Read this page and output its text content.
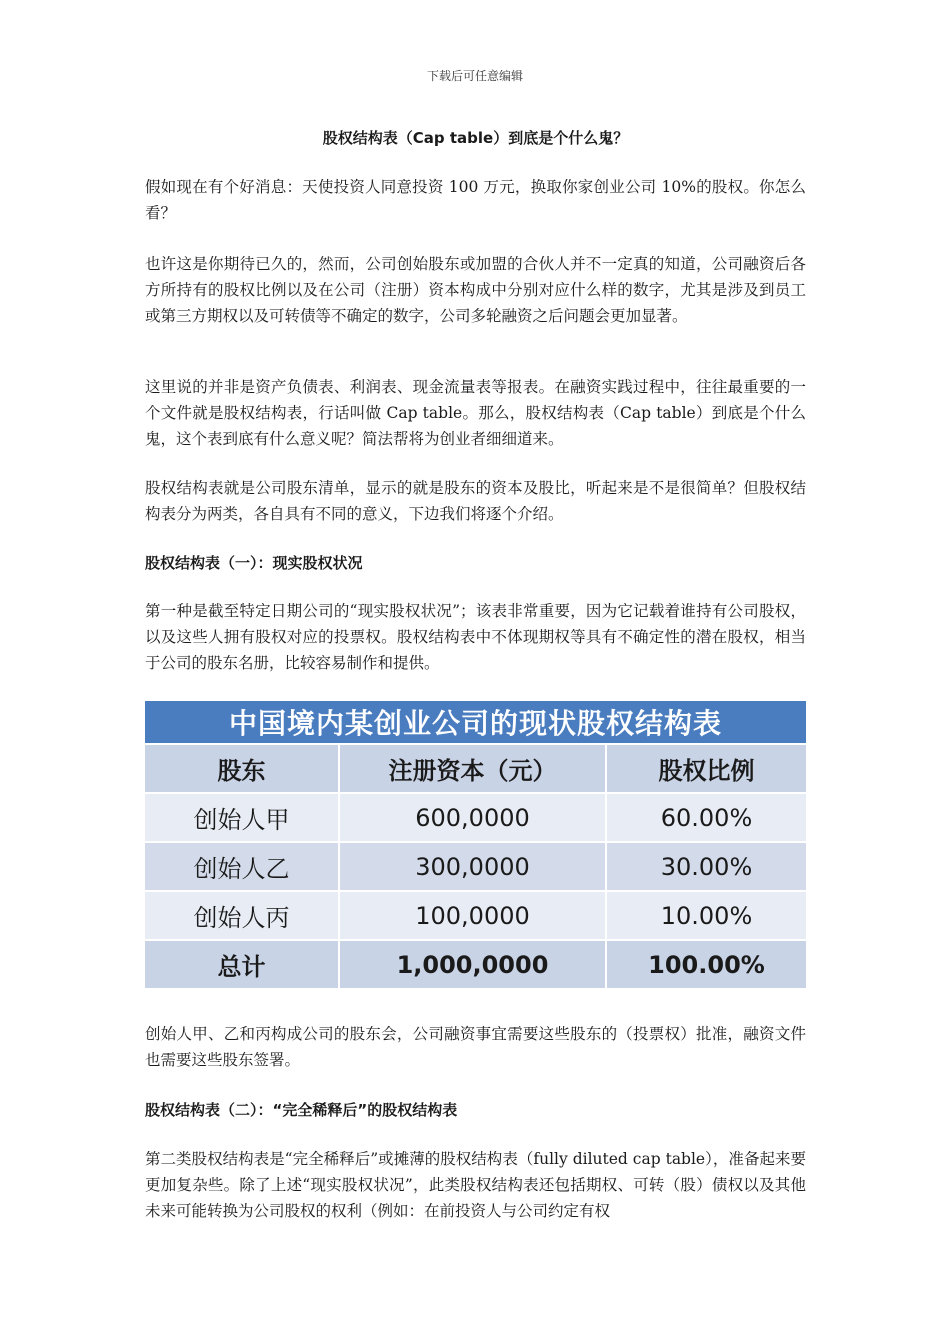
下载后可任意编辑
股权结构表（Cap table）到底是个什么鬼？

假如现在有个好消息：天使投资人同意投资 100 万元，换取你家创业公司 10%的股权。你怎么看？

也许这是你期待已久的，然而，公司创始股东或加盟的合伙人并不一定真的知道，公司融资后各方所持有的股权比例以及在公司（注册）资本构成中分别对应什么样的数字，尤其是涉及到员工或第三方期权以及可转债等不确定的数字，公司多轮融资之后问题会更加显著。

这里说的并非是资产负债表、利润表、现金流量表等报表。在融资实践过程中，往往最重要的一个文件就是股权结构表，行话叫做 Cap table。那么，股权结构表（Cap table）到底是个什么鬼，这个表到底有什么意义呢？简法帮将为创业者细细道来。

股权结构表就是公司股东清单，显示的就是股东的资本及股比，听起来是不是很简单？但股权结构表分为两类，各自具有不同的意义，下边我们将逐个介绍。

股权结构表（一）：现实股权状况

第一种是截至特定日期公司的“现实股权状况”；该表非常重要，因为它记载着谁持有公司股权，以及这些人拥有股权对应的投票权。股权结构表中不体现期权等具有不确定性的潜在股权，相当于公司的股东名册，比较容易制作和提供。

中国境内某创业公司的现状股权结构表
股东	注册资本（元）	股权比例
创始人甲	600,0000	60.00%
创始人乙	300,0000	30.00%
创始人丙	100,0000	10.00%
总计	1,000,0000	100.00%

创始人甲、乙和丙构成公司的股东会，公司融资事宜需要这些股东的（投票权）批准，融资文件也需要这些股东签署。

股权结构表（二）：“完全稀释后”的股权结构表

第二类股权结构表是“完全稀释后”或摊薄的股权结构表（fully diluted cap table），准备起来要更加复杂些。除了上述“现实股权状况”，此类股权结构表还包括期权、可转（股）债权以及其他未来可能转换为公司股权的权利（例如：在前投资人与公司约定有权
